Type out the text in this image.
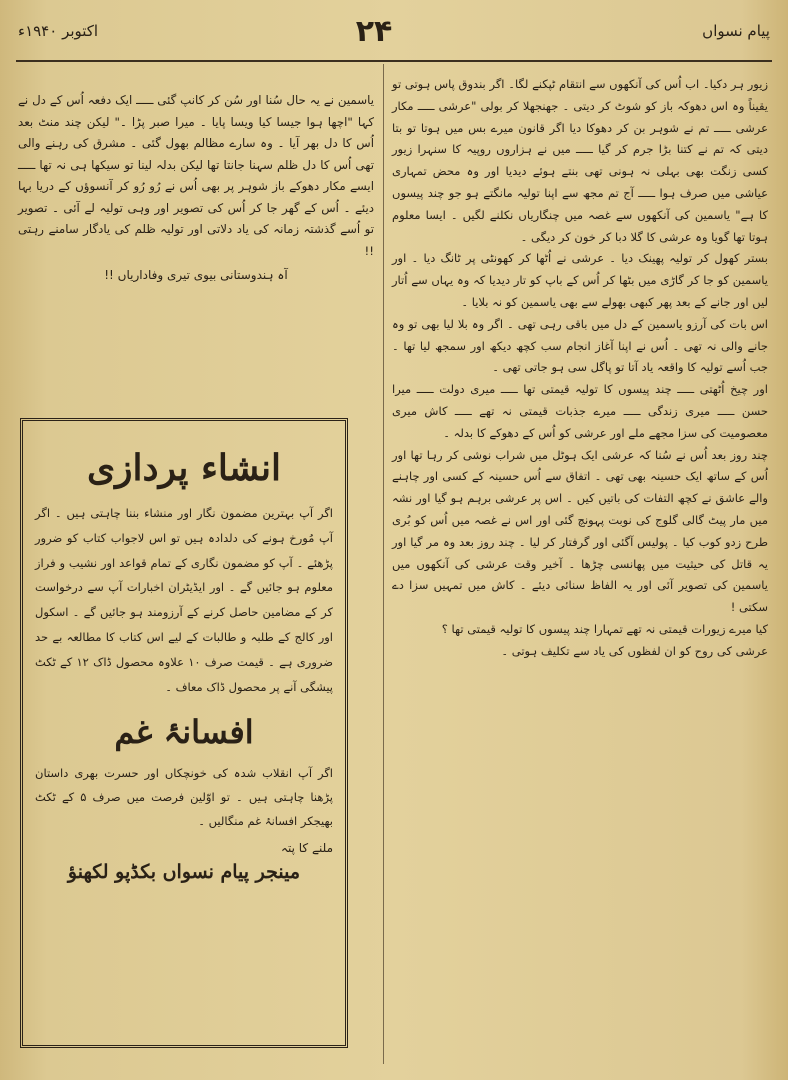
پیام نسواں
۲۴
اکتوبر ۱۹۴۰ء

زیور ہر دکیا۔ اب اُس کی آنکھوں سے انتقام ٹپکنے لگا۔ اگر بندوق پاس ہوتی تو یقیناً وہ اس دھوکہ باز کو شوٹ کر دیتی ۔ جھنجھلا کر بولی "عرشی ـــــ مکار عرشی ـــــ تم نے شوہر بن کر دھوکا دیا اگر قانون میرے بس میں ہوتا تو بتا دیتی کہ تم نے کتنا بڑا جرم کر گیا ـــــ میں نے ہزاروں روپیہ کا سنہرا زیور کسی زنگت بھی بہلی نہ ہونی تھی بنتے ہوئے دیدیا اور وہ محض تمہاری عیاشی میں صرف ہوا ـــــ آج تم مجھ سے اپنا تولیہ مانگتے ہو جو چند پیسوں کا ہے" یاسمین کی آنکھوں سے غصہ میں چنگاریاں نکلنے لگیں ۔ ایسا معلوم ہوتا تھا گویا وہ عرشی کا گلا دبا کر خون کر دیگی ۔

بستر کھول کر تولیہ پھینک دیا ۔ عرشی نے اُٹھا کر کھونٹی پر ٹانگ دیا ۔ اور یاسمین کو جا کر گاڑی میں بٹھا کر اُس کے باپ کو تار دیدیا کہ وہ یہاں سے اُتار لیں اور جانے کے بعد پھر کبھی بھولے سے بھی یاسمین کو نہ بلایا ۔

اس بات کی آرزو یاسمین کے دل میں باقی رہی تھی ۔ اگر وہ بلا لیا بھی تو وہ جانے والی نہ تھی ۔ اُس نے اپنا آغاز انجام سب کچھ دیکھ اور سمجھ لیا تھا ۔ جب اُسے تولیہ کا واقعہ یاد آتا تو پاگل سی ہو جاتی تھی ۔

اور چیخ اُٹھتی ـــــ چند پیسوں کا تولیہ قیمتی تھا ـــــ میری دولت ـــــ میرا حسن ـــــ میری زندگی ـــــ میرے جذبات قیمتی نہ تھے ـــــ کاش میری معصومیت کی سزا مجھے ملے اور عرشی کو اُس کے دھوکے کا بدلہ ۔

چند روز بعد اُس نے سُنا کہ عرشی ایک ہوٹل میں شراب نوشی کر رہا تھا اور اُس کے ساتھ ایک حسینہ بھی تھی ۔ اتفاق سے اُس حسینہ کے کسی اور چاہنے والے عاشق نے کچھ التفات کی باتیں کیں ۔ اس پر عرشی برہم ہو گیا اور نشہ میں مار پیٹ گالی گلوج کی نوبت پہونچ گئی اور اس نے غصہ میں اُس کو بُری طرح زدو کوب کیا ۔ پولیس آگئی اور گرفتار کر لیا ۔ چند روز بعد وہ مر گیا اور یہ قاتل کی حیثیت میں پھانسی چڑھا ۔ آخیر وقت عرشی کی آنکھوں میں یاسمین کی تصویر آئی اور یہ الفاظ سنائی دیئے ۔ کاش میں تمہیں سزا دے سکتی !

کیا میرے زیورات قیمتی نہ تھے تمہارا چند پیسوں کا تولیہ قیمتی تھا ؟

عرشی کی روح کو ان لفظوں کی یاد سے تکلیف ہوتی ۔

یاسمین نے یہ حال سُنا اور سُن کر کانپ گئی ـــــ ایک دفعہ اُس کے دل نے کہا "اچھا ہوا جیسا کیا ویسا پایا ۔ میرا صبر پڑا ۔" لیکن چند منٹ بعد اُس کا دل بھر آیا ۔ وہ سارے مظالم بھول گئی ۔ مشرق کی رہنے والی تھی اُس کا دل ظلم سہنا جانتا تھا لیکن بدلہ لینا تو سیکھا ہی نہ تھا ـــــ ایسے مکار دھوکے باز شوہر پر بھی اُس نے رُو رُو کر آنسوؤں کے دریا بہا دیئے ۔ اُس کے گھر جا کر اُس کی تصویر اور وہی تولیہ لے آئی ۔ تصویر تو اُسے گذشتہ زمانہ کی یاد دلاتی اور تولیہ ظلم کی یادگار سامنے رہتی !!

آہ ہندوستانی بیوی تیری وفاداریاں !!

انشاء پردازی

اگر آپ بہترین مضمون نگار اور منشاء بننا چاہتی ہیں ۔ اگر آپ مُورخ ہونے کی دلدادہ ہیں تو اس لاجواب کتاب کو ضرور پڑھئے ۔ آپ کو مضمون نگاری کے تمام قواعد اور نشیب و فراز معلوم ہو جائیں گے ۔ اور ایڈیٹران اخبارات آپ سے درخواست کر کے مضامین حاصل کرنے کے آرزومند ہو جائیں گے ۔ اسکول اور کالج کے طلبہ و طالبات کے لیے اس کتاب کا مطالعہ بے حد ضروری ہے ۔ قیمت صرف ۱۰ علاوہ محصول ڈاک ۱۲ کے ٹکٹ پیشگی آنے پر محصول ڈاک معاف ۔

افسانۂ غم

اگر آپ انقلاب شدہ کی خونچکاں اور حسرت بھری داستان پڑھنا چاہتی ہیں ۔ تو اوّلین فرصت میں صرف ۵ کے ٹکٹ بھیجکر افسانۂ غم منگالیں ۔

ملنے کا پتہ
مینجر پیام نسواں بکڈپو لکھنؤ
